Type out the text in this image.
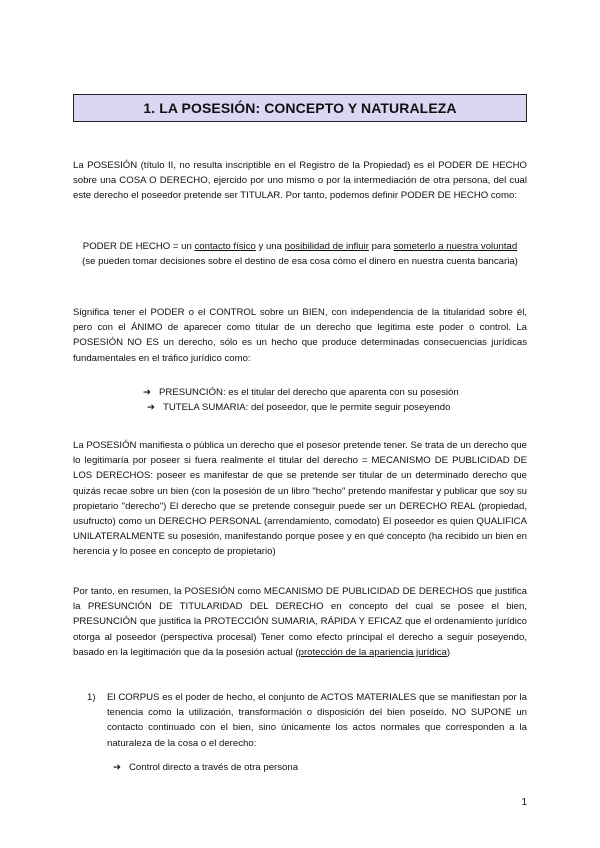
1. LA POSESIÓN: CONCEPTO Y NATURALEZA

La POSESIÓN (título II, no resulta inscriptible en el Registro de la Propiedad) es el PODER DE HECHO sobre una COSA O DERECHO, ejercido por uno mismo o por la intermediación de otra persona, del cual este derecho el poseedor pretende ser TITULAR. Por tanto, podemos definir PODER DE HECHO como:

PODER DE HECHO = un contacto físico y una posibilidad de influir para someterlo a nuestra voluntad (se pueden tomar decisiones sobre el destino de esa cosa cómo el dinero en nuestra cuenta bancaria)

Significa tener el PODER o el CONTROL sobre un BIEN, con independencia de la titularidad sobre él, pero con el ÁNIMO de aparecer como titular de un derecho que legitima este poder o control. La POSESIÓN NO ES un derecho, sólo es un hecho que produce determinadas consecuencias jurídicas fundamentales en el tráfico jurídico como:

➔ PRESUNCIÓN: es el titular del derecho que aparenta con su posesión
➔ TUTELA SUMARIA: del poseedor, que le permite seguir poseyendo

La POSESIÓN manifiesta o pública un derecho que el posesor pretende tener. Se trata de un derecho que lo legitimaría por poseer si fuera realmente el titular del derecho = MECANISMO DE PUBLICIDAD DE LOS DERECHOS: poseer es manifestar de que se pretende ser titular de un determinado derecho que quizás recae sobre un bien (con la posesión de un libro "hecho" pretendo manifestar y publicar que soy su propietario "derecho") El derecho que se pretende conseguir puede ser un DERECHO REAL (propiedad, usufructo) como un DERECHO PERSONAL (arrendamiento, comodato) El poseedor es quien QUALIFICA UNILATERALMENTE su posesión, manifestando porque posee y en qué concepto (ha recibido un bien en herencia y lo posee en concepto de propietario)

Por tanto, en resumen, la POSESIÓN como MECANISMO DE PUBLICIDAD DE DERECHOS que justifica la PRESUNCIÓN DE TITULARIDAD DEL DERECHO en concepto del cual se posee el bien, PRESUNCIÓN que justifica la PROTECCIÓN SUMARIA, RÁPIDA Y EFICAZ que el ordenamiento jurídico otorga al poseedor (perspectiva procesal) Tener como efecto principal el derecho a seguir poseyendo, basado en la legitimación que da la posesión actual (protección de la apariencia jurídica)

1) El CORPUS es el poder de hecho, el conjunto de ACTOS MATERIALES que se manifiestan por la tenencia como la utilización, transformación o disposición del bien poseído. NO SUPONE un contacto continuado con el bien, sino únicamente los actos normales que corresponden a la naturaleza de la cosa o el derecho:
➔ Control directo a través de otra persona
1
